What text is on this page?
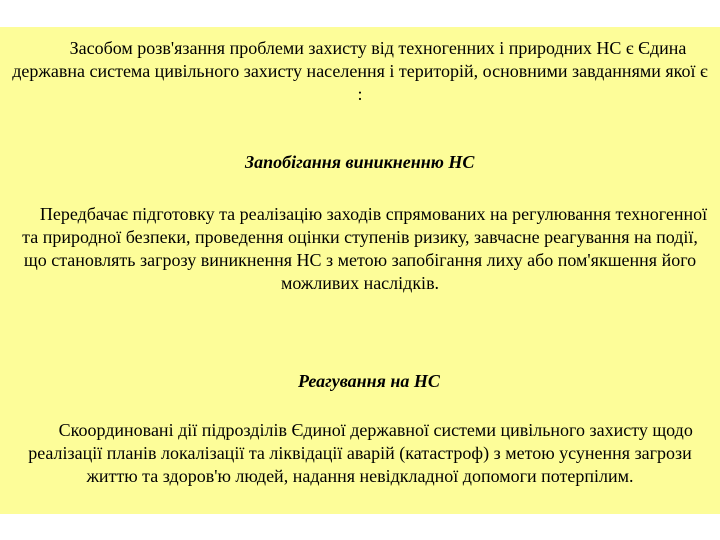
Засобом розв'язання проблеми захисту від техногенних і природних НС є Єдина державна система цивільного захисту населення і територій, основними завданнями якої є :

Запобігання виникненню НС

Передбачає підготовку та реалізацію заходів спрямованих на регулювання техногенної та природної безпеки, проведення оцінки ступенів ризику, завчасне реагування на події, що становлять загрозу виникнення НС з метою запобігання лиху або пом'якшення його можливих наслідків.

Реагування на НС

Скоординовані дії підрозділів Єдиної державної системи цивільного захисту щодо реалізації планів локалізації та ліквідації аварій (катастроф) з метою усунення загрози життю та здоров'ю людей, надання невідкладної допомоги потерпілим.
